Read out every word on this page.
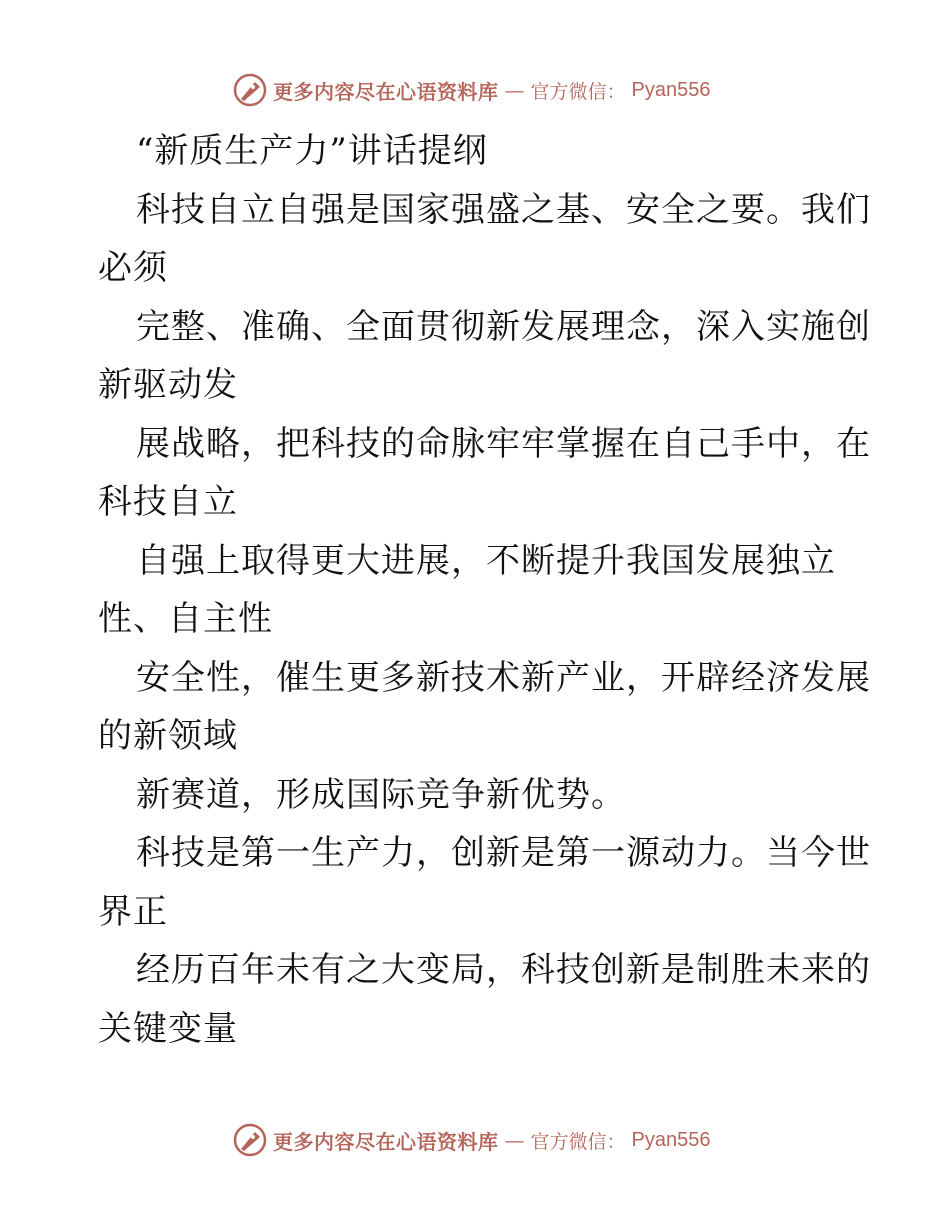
更多内容尽在心语资料库 — 官方微信： Pyan556
“新质生产力”讲话提纲
科技自立自强是国家强盛之基、安全之要。我们
必须
完整、准确、全面贯彻新发展理念，深入实施创
新驱动发
展战略，把科技的命脉牢牢掌握在自己手中，在
科技自立
自强上取得更大进展，不断提升我国发展独立
性、自主性
安全性，催生更多新技术新产业，开辟经济发展
的新领域
新赛道，形成国际竞争新优势。
科技是第一生产力，创新是第一源动力。当今世
界正
经历百年未有之大变局，科技创新是制胜未来的
关键变量
更多内容尽在心语资料库 — 官方微信： Pyan556
